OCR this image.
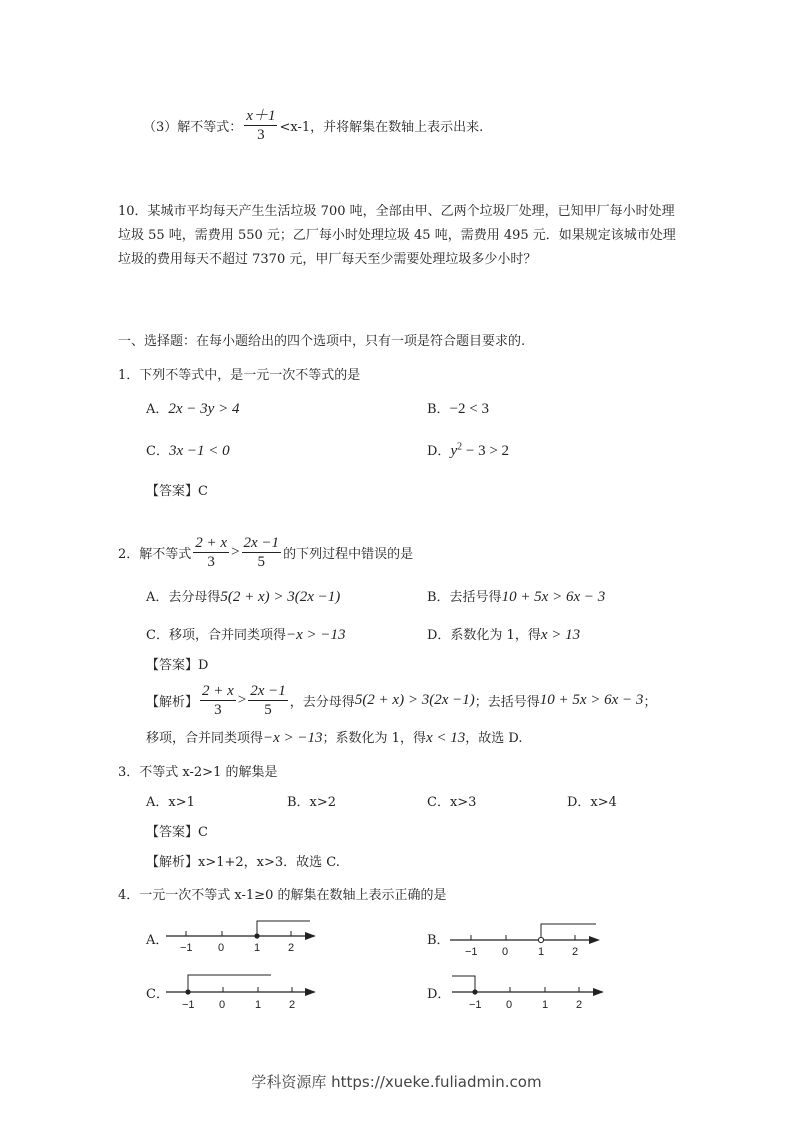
（3）解不等式： $\frac{x+1}{3} <x-1$，并将解集在数轴上表示出来.
10．某城市平均每天产生生活垃圾 700 吨，全部由甲、乙两个垃圾厂处理，已知甲厂每小时处理垃圾 55 吨，需费用 550 元；乙厂每小时处理垃圾 45 吨，需费用 495 元．如果规定该城市处理垃圾的费用每天不超过 7370 元，甲厂每天至少需要处理垃圾多少小时？
一、选择题：在每小题给出的四个选项中，只有一项是符合题目要求的.
1．下列不等式中，是一元一次不等式的是
A．2x − 3y > 4	B．−2 < 3
C．3x −1 < 0	D．$y^2 - 3 > 2$
【答案】C
2．解不等式 $\frac{2 + x}{3} > \frac{2x -1}{5}$ 的下列过程中错误的是
A．去分母得5(2 + x) > 3(2x −1)	B．去括号得10 + 5x > 6x − 3
C．移项，合并同类项得−x > −13	D．系数化为 1，得x > 13
【答案】D
【解析】 $\frac{2 + x}{3} > \frac{2x -1}{5}$ ，去分母得 5(2 + x) > 3(2x −1) ；去括号得 10 + 5x > 6x − 3 ；
移项，合并同类项得−x > −13；系数化为 1，得x < 13，故选 D.
3．不等式 x-2>1 的解集是
A．x>1	B．x>2	C．x>3	D．x>4
【答案】C
【解析】x>1+2，x>3．故选 C.
4．一元一次不等式 x-1≥0 的解集在数轴上表示正确的是
A． −1 0	1	2	B．
−1 0	1	2
C．
−1 0	1	2
D．
−1 0	1	2
学科资源库 https://xueke.fuliadmin.com
